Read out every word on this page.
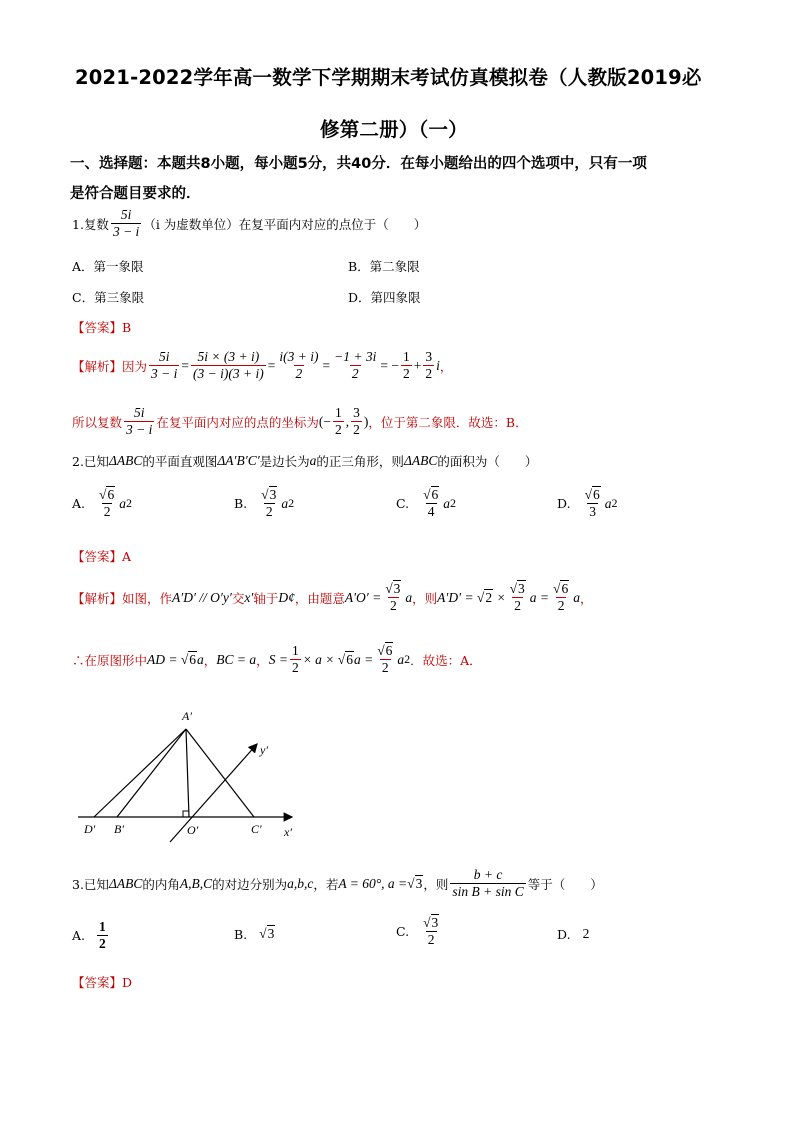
2021-2022学年高一数学下学期期末考试仿真模拟卷（人教版2019必
修第二册）（一）
一、选择题：本题共8小题，每小题5分，共40分．在每小题给出的四个选项中，只有一项
是符合题目要求的．
1.复数 $\frac{5i}{3 - i} (i$ 为虚数单位）在复平面内对应的点位于（　　）
A．第一象限	B．第二象限
C．第三象限	D．第四象限
【答案】B
【解析】 因为 $\frac{5i}{3 - i} = \frac{5i \times (3 + i)}{(3 - i)(3 + i)} = \frac{i(3 + i)}{2} = \frac{-1 + 3i}{2}$ = − $\frac{1}{2} + \frac{3}{2}$ i ，
所以复数 $\frac{5i}{3 - i}$ 在复平面内对应的点的坐标为 (− $\frac{1}{2}$ , $\frac{3}{2}$ ) ，位于第二象限．故选：B．
2.已知 ΔABC 的平面直观图 ΔA′B′C′ 是边长为 a 的正三角形，则 ΔABC 的面积为（　　）
A. $\frac{√6}{2}$ a 2	B. $\frac{√3}{2}$ a 2	C. $\frac{√6}{4}$ a 2	D. $\frac{√6}{3}$ a 2
【答案】A
【解析】 如图，作 A′D′ // O′y′ 交 x′ 轴于 D¢ ，由题意 $A'O' = \frac{√3}{2}$ a ，则 $A'D' = √2 \times \frac{√3}{2}$ $a = \frac{√6}{2}$ a ，
∴在原图形中 AD = √6a ， BC = a ， $S = \frac{1}{2} \times a \times √6a = \frac{√6}{2}$ a 2 ．故选：A．
A′
D′ B′	O′	C′ x′
y′
3.已知 ΔABC 的内角 A,B,C 的对边分别为 a,b,c ，若 A = 60°, a = √3 ，则 $\frac{b + c}{\text{sin B + sin C}}$ 等于（　　）
A. $\frac{1}{2}$	B. √3	C. $\frac{√3}{2}$	D. 2
【答案】D
